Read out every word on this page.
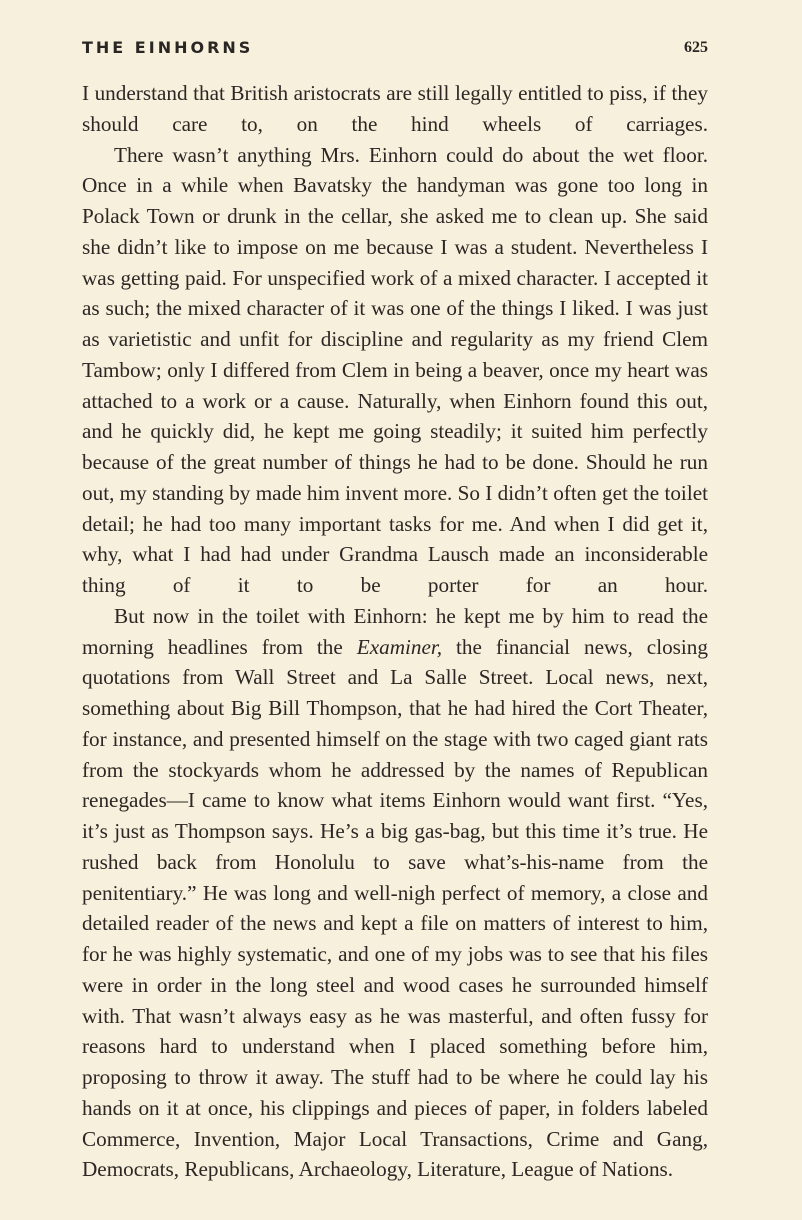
THE EINHORNS	625

I understand that British aristocrats are still legally entitled to piss, if they should care to, on the hind wheels of carriages.

There wasn’t anything Mrs. Einhorn could do about the wet floor. Once in a while when Bavatsky the handyman was gone too long in Polack Town or drunk in the cellar, she asked me to clean up. She said she didn’t like to impose on me because I was a student. Nevertheless I was getting paid. For unspecified work of a mixed character. I accepted it as such; the mixed character of it was one of the things I liked. I was just as varietistic and unfit for discipline and regularity as my friend Clem Tambow; only I differed from Clem in being a beaver, once my heart was attached to a work or a cause. Naturally, when Einhorn found this out, and he quickly did, he kept me going steadily; it suited him perfectly because of the great number of things he had to be done. Should he run out, my standing by made him invent more. So I didn’t often get the toilet detail; he had too many important tasks for me. And when I did get it, why, what I had had under Grandma Lausch made an inconsiderable thing of it to be porter for an hour.

But now in the toilet with Einhorn: he kept me by him to read the morning headlines from the Examiner, the financial news, closing quotations from Wall Street and La Salle Street. Local news, next, something about Big Bill Thompson, that he had hired the Cort Theater, for instance, and presented himself on the stage with two caged giant rats from the stockyards whom he addressed by the names of Republican renegades—I came to know what items Einhorn would want first. “Yes, it’s just as Thompson says. He’s a big gas-bag, but this time it’s true. He rushed back from Honolulu to save what’s-his-name from the penitentiary.” He was long and well-nigh perfect of memory, a close and detailed reader of the news and kept a file on matters of interest to him, for he was highly systematic, and one of my jobs was to see that his files were in order in the long steel and wood cases he surrounded himself with. That wasn’t always easy as he was masterful, and often fussy for reasons hard to understand when I placed something before him, proposing to throw it away. The stuff had to be where he could lay his hands on it at once, his clippings and pieces of paper, in folders labeled Commerce, Invention, Major Local Transactions, Crime and Gang, Democrats, Republicans, Archaeology, Literature, League of Nations.
